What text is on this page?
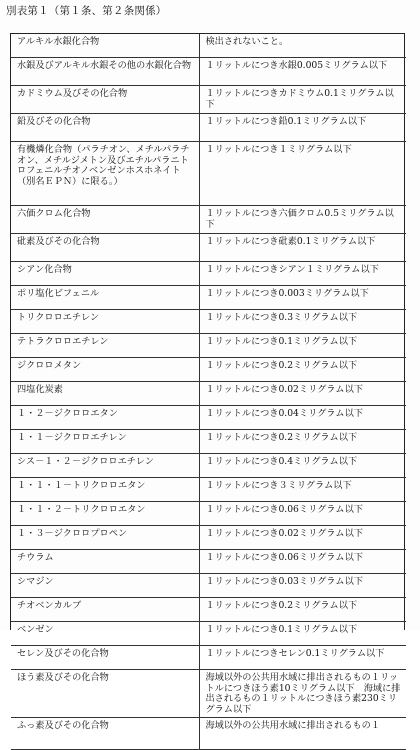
別表第１（第１条、第２条関係）
アルキル水銀化合物	検出されないこと。
水銀及びアルキル水銀その他の水銀化合物	１リットルにつき水銀0.005ミリグラム以下
カドミウム及びその化合物	１リットルにつきカドミウム0.1ミリグラム以下
鉛及びその化合物	１リットルにつき鉛0.1ミリグラム以下
有機燐化合物（パラチオン、メチルパラチオン、メチルジメトン及びエチルパラニトロフェニルチオノベンゼンホスホネイト（別名ＥＰＮ）に限る。）	１リットルにつき１ミリグラム以下
六価クロム化合物	１リットルにつき六価クロム0.5ミリグラム以下
砒素及びその化合物	１リットルにつき砒素0.1ミリグラム以下
シアン化合物	１リットルにつきシアン１ミリグラム以下
ポリ塩化ビフェニル	１リットルにつき0.003ミリグラム以下
トリクロロエチレン	１リットルにつき0.3ミリグラム以下
テトラクロロエチレン	１リットルにつき0.1ミリグラム以下
ジクロロメタン	１リットルにつき0.2ミリグラム以下
四塩化炭素	１リットルにつき0.02ミリグラム以下
１・２－ジクロロエタン	１リットルにつき0.04ミリグラム以下
１・１－ジクロロエチレン	１リットルにつき0.2ミリグラム以下
シス－１・２－ジクロロエチレン	１リットルにつき0.4ミリグラム以下
１・１・１－トリクロロエタン	１リットルにつき３ミリグラム以下
１・１・２－トリクロロエタン	１リットルにつき0.06ミリグラム以下
１・３－ジクロロプロペン	１リットルにつき0.02ミリグラム以下
チウラム	１リットルにつき0.06ミリグラム以下
シマジン	１リットルにつき0.03ミリグラム以下
チオベンカルブ	１リットルにつき0.2ミリグラム以下
ベンゼン	１リットルにつき0.1ミリグラム以下
セレン及びその化合物	１リットルにつきセレン0.1ミリグラム以下
ほう素及びその化合物	海域以外の公共用水域に排出されるもの１リットルにつきほう素10ミリグラム以下　海域に排出されるもの１リットルにつきほう素230ミリグラム以下
ふっ素及びその化合物	海域以外の公共用水域に排出されるもの１
